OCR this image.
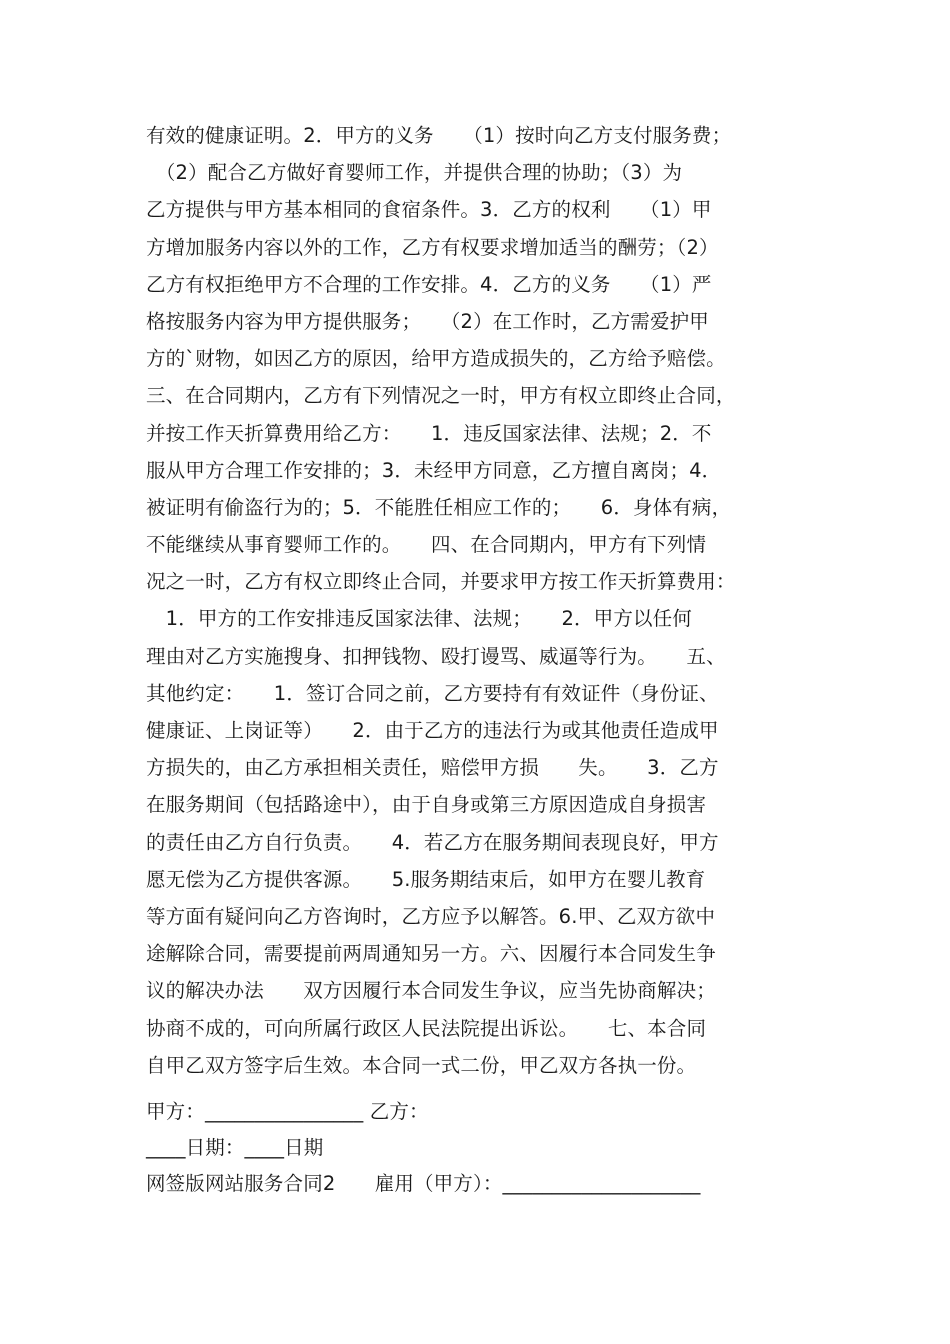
有效的健康证明。2．甲方的义务　　（1）按时向乙方支付服务费；
　（2）配合乙方做好育婴师工作，并提供合理的协助；（3）为
乙方提供与甲方基本相同的食宿条件。3．乙方的权利　　（1）甲
方增加服务内容以外的工作，乙方有权要求增加适当的酬劳；（2）
乙方有权拒绝甲方不合理的工作安排。4．乙方的义务　　（1）严
格按服务内容为甲方提供服务；　　（2）在工作时，乙方需爱护甲
方的`财物，如因乙方的原因，给甲方造成损失的，乙方给予赔偿。
三、在合同期内，乙方有下列情况之一时，甲方有权立即终止合同，
并按工作天折算费用给乙方：　　1．违反国家法律、法规；2．不
服从甲方合理工作安排的；3．未经甲方同意，乙方擅自离岗；4．
被证明有偷盗行为的；5．不能胜任相应工作的；　　6．身体有病，
不能继续从事育婴师工作的。　　四、在合同期内，甲方有下列情
况之一时，乙方有权立即终止合同，并要求甲方按工作天折算费用：
　1．甲方的工作安排违反国家法律、法规；　　2．甲方以任何
理由对乙方实施搜身、扣押钱物、殴打谩骂、威逼等行为。　　五、
其他约定：　　1．签订合同之前，乙方要持有有效证件（身份证、
健康证、上岗证等）　　2．由于乙方的违法行为或其他责任造成甲
方损失的，由乙方承担相关责任，赔偿甲方损　　失。　　3．乙方
在服务期间（包括路途中），由于自身或第三方原因造成自身损害
的责任由乙方自行负责。　　4．若乙方在服务期间表现良好，甲方
愿无偿为乙方提供客源。　　5.服务期结束后，如甲方在婴儿教育
等方面有疑问向乙方咨询时，乙方应予以解答。6.甲、乙双方欲中
途解除合同，需要提前两周通知另一方。六、因履行本合同发生争
议的解决办法　　双方因履行本合同发生争议，应当先协商解决；
协商不成的，可向所属行政区人民法院提出诉讼。　　七、本合同
自甲乙双方签字后生效。本合同一式二份，甲乙双方各执一份。
甲方：________________ 乙方：
____日期：____日期
网签版网站服务合同2　　雇用（甲方）：____________________
